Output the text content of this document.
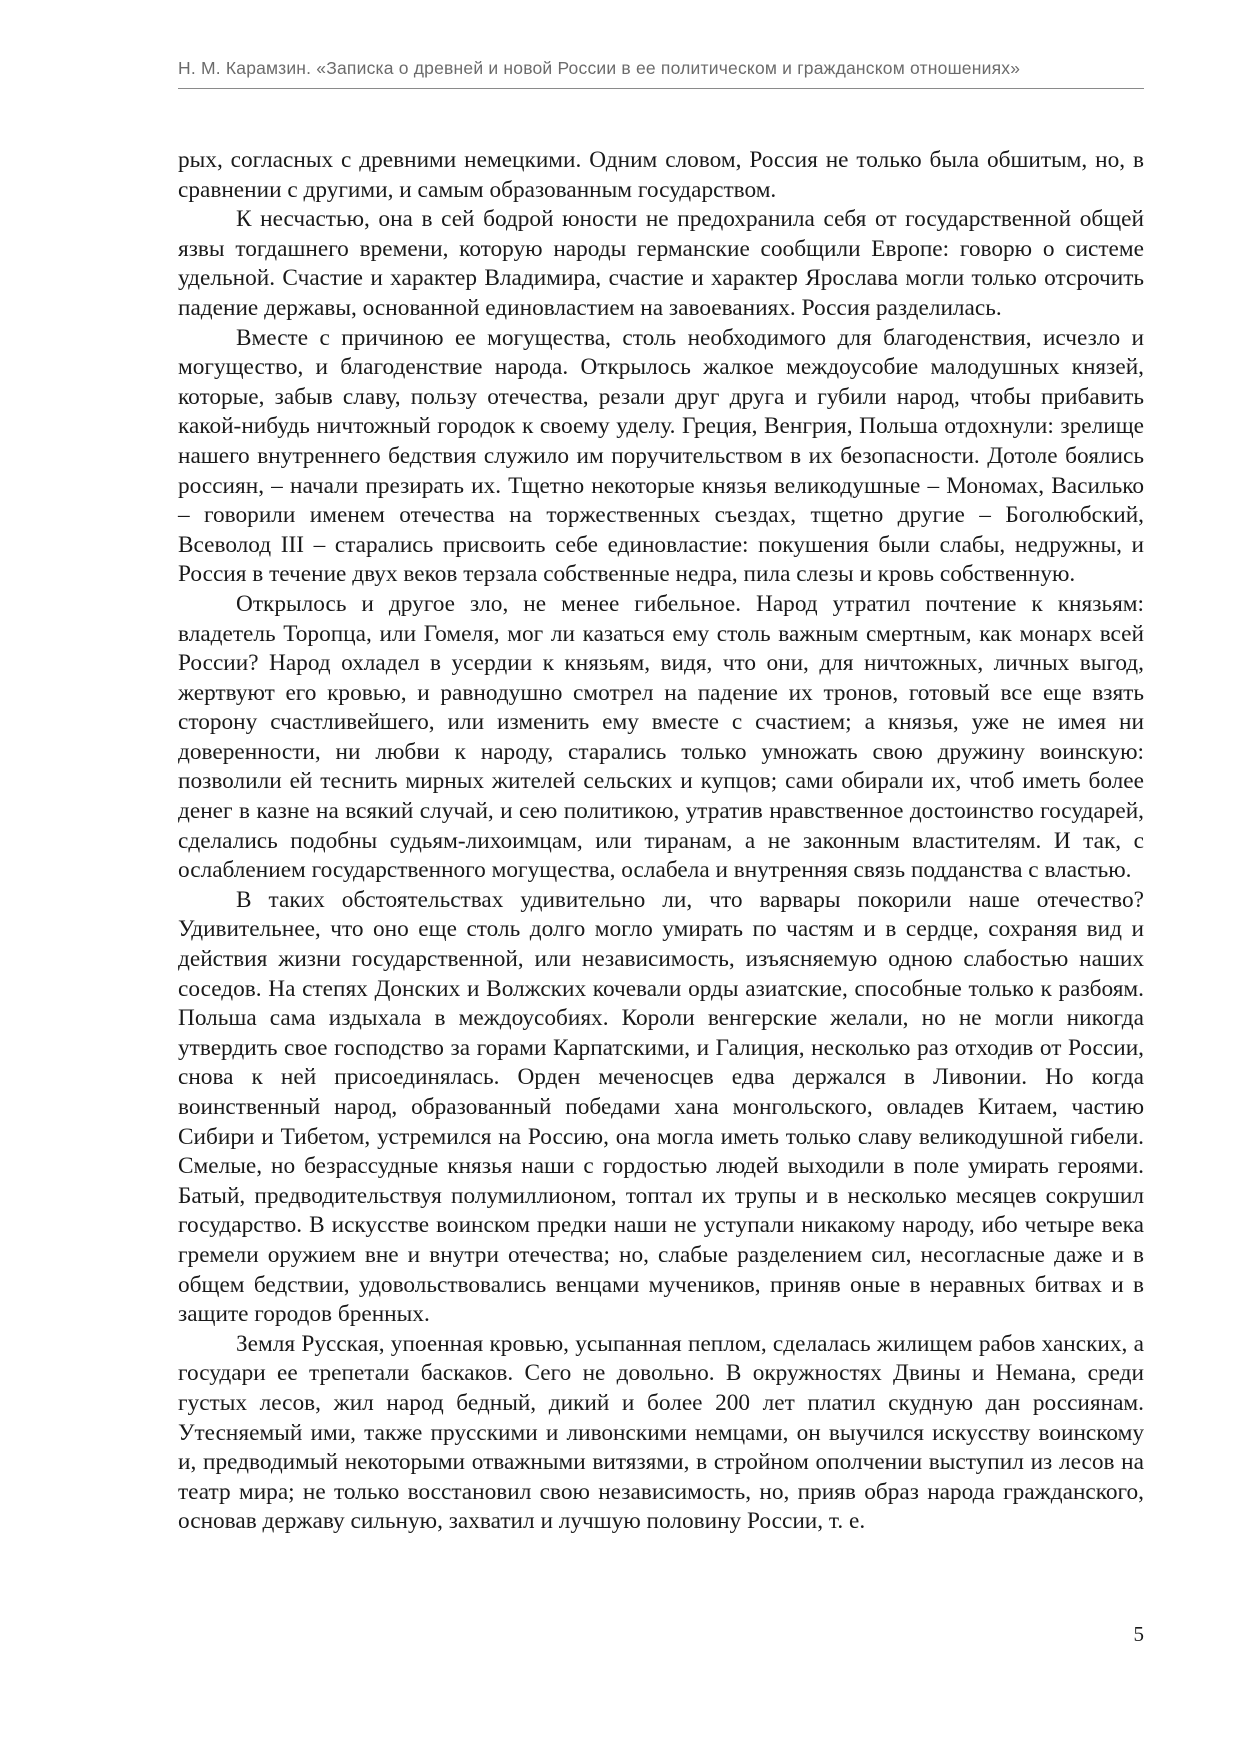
Н. М. Карамзин. «Записка о древней и новой России в ее политическом и гражданском отношениях»

рых, согласных с древними немецкими. Одним словом, Россия не только была обшитым, но, в сравнении с другими, и самым образованным государством.

К несчастью, она в сей бодрой юности не предохранила себя от государственной общей язвы тогдашнего времени, которую народы германские сообщили Европе: говорю о системе удельной. Счастие и характер Владимира, счастие и характер Ярослава могли только отсрочить падение державы, основанной единовластием на завоеваниях. Россия разделилась.

Вместе с причиною ее могущества, столь необходимого для благоденствия, исчезло и могущество, и благоденствие народа. Открылось жалкое междоусобие малодушных князей, которые, забыв славу, пользу отечества, резали друг друга и губили народ, чтобы прибавить какой-нибудь ничтожный городок к своему уделу. Греция, Венгрия, Польша отдохнули: зрелище нашего внутреннего бедствия служило им поручительством в их безопасности. Дотоле боялись россиян, – начали презирать их. Тщетно некоторые князья великодушные – Мономах, Василько – говорили именем отечества на торжественных съездах, тщетно другие – Боголюбский, Всеволод III – старались присвоить себе единовластие: покушения были слабы, недружны, и Россия в течение двух веков терзала собственные недра, пила слезы и кровь собственную.

Открылось и другое зло, не менее гибельное. Народ утратил почтение к князьям: владетель Торопца, или Гомеля, мог ли казаться ему столь важным смертным, как монарх всей России? Народ охладел в усердии к князьям, видя, что они, для ничтожных, личных выгод, жертвуют его кровью, и равнодушно смотрел на падение их тронов, готовый все еще взять сторону счастливейшего, или изменить ему вместе с счастием; а князья, уже не имея ни доверенности, ни любви к народу, старались только умножать свою дружину воинскую: позволили ей теснить мирных жителей сельских и купцов; сами обирали их, чтоб иметь более денег в казне на всякий случай, и сею политикою, утратив нравственное достоинство государей, сделались подобны судьям-лихоимцам, или тиранам, а не законным властителям. И так, с ослаблением государственного могущества, ослабела и внутренняя связь подданства с властью.

В таких обстоятельствах удивительно ли, что варвары покорили наше отечество? Удивительнее, что оно еще столь долго могло умирать по частям и в сердце, сохраняя вид и действия жизни государственной, или независимость, изъясняемую одною слабостью наших соседов. На степях Донских и Волжских кочевали орды азиатские, способные только к разбоям. Польша сама издыхала в междоусобиях. Короли венгерские желали, но не могли никогда утвердить свое господство за горами Карпатскими, и Галиция, несколько раз отходив от России, снова к ней присоединялась. Орден меченосцев едва держался в Ливонии. Но когда воинственный народ, образованный победами хана монгольского, овладев Китаем, частию Сибири и Тибетом, устремился на Россию, она могла иметь только славу великодушной гибели. Смелые, но безрассудные князья наши с гордостью людей выходили в поле умирать героями. Батый, предводительствуя полумиллионом, топтал их трупы и в несколько месяцев сокрушил государство. В искусстве воинском предки наши не уступали никакому народу, ибо четыре века гремели оружием вне и внутри отечества; но, слабые разделением сил, несогласные даже и в общем бедствии, удовольствовались венцами мучеников, приняв оные в неравных битвах и в защите городов бренных.

Земля Русская, упоенная кровью, усыпанная пеплом, сделалась жилищем рабов ханских, а государи ее трепетали баскаков. Сего не довольно. В окружностях Двины и Немана, среди густых лесов, жил народ бедный, дикий и более 200 лет платил скудную дан россиянам. Утесняемый ими, также прусскими и ливонскими немцами, он выучился искусству воинскому и, предводимый некоторыми отважными витязями, в стройном ополчении выступил из лесов на театр мира; не только восстановил свою независимость, но, прияв образ народа гражданского, основав державу сильную, захватил и лучшую половину России, т. е.

5
